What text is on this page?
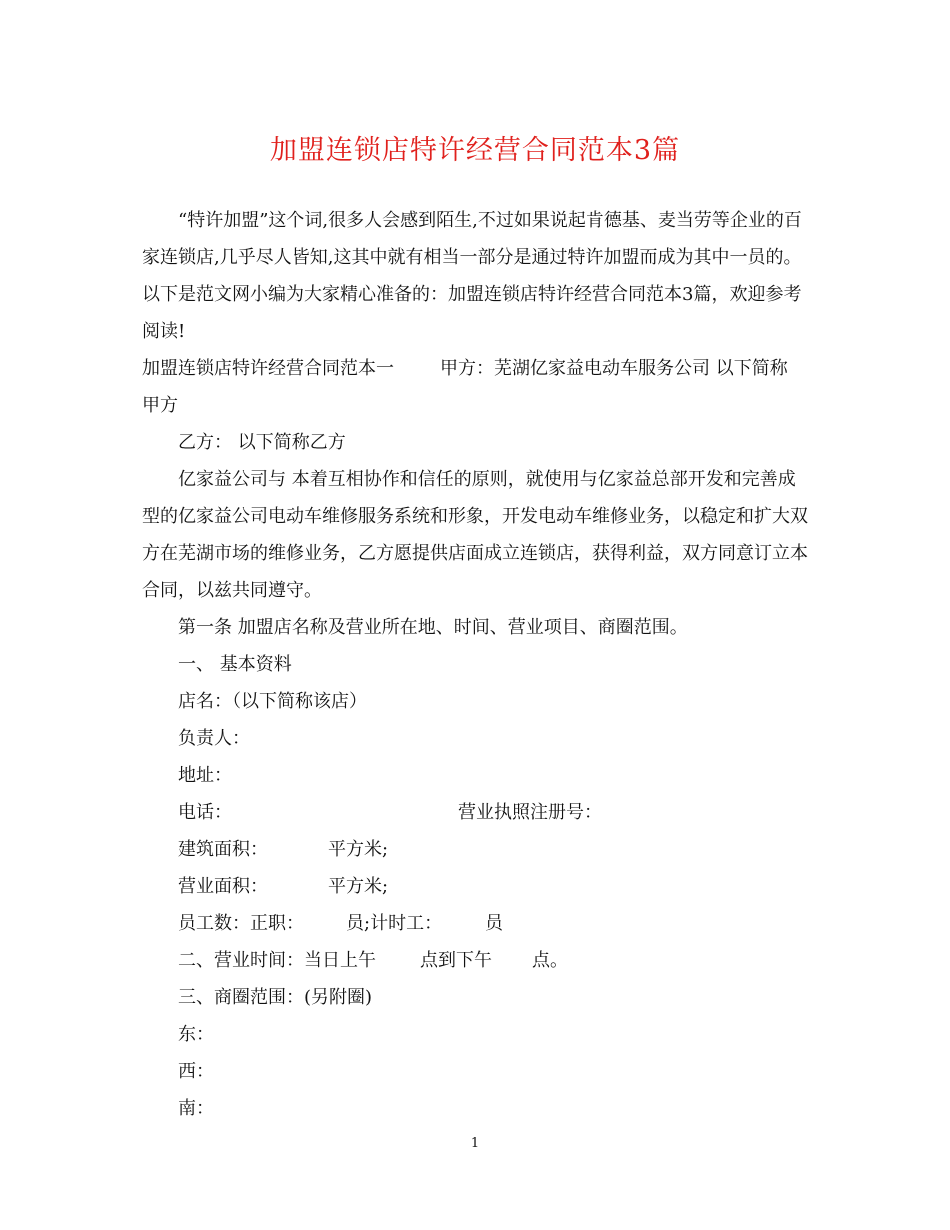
加盟连锁店特许经营合同范本3篇

“特许加盟”这个词,很多人会感到陌生,不过如果说起肯德基、麦当劳等企业的百家连锁店,几乎尽人皆知,这其中就有相当一部分是通过特许加盟而成为其中一员的。以下是范文网小编为大家精心准备的：加盟连锁店特许经营合同范本3篇，欢迎参考阅读!

加盟连锁店特许经营合同范本一	甲方：芜湖亿家益电动车服务公司 以下简称
甲方

乙方： 以下简称乙方

亿家益公司与 本着互相协作和信任的原则，就使用与亿家益总部开发和完善成型的亿家益公司电动车维修服务系统和形象，开发电动车维修业务，以稳定和扩大双方在芜湖市场的维修业务，乙方愿提供店面成立连锁店，获得利益，双方同意订立本合同，以兹共同遵守。

第一条 加盟店名称及营业所在地、时间、营业项目、商圈范围。

一、 基本资料

店名：（以下简称该店）

负责人：

地址：

电话：	营业执照注册号：
建筑面积：	平方米;
营业面积：	平方米;
员工数：正职： 员;计时工： 员
二、营业时间：当日上午 点到下午 点。

三、商圈范围：(另附圈)

东：

西：

南：

1
